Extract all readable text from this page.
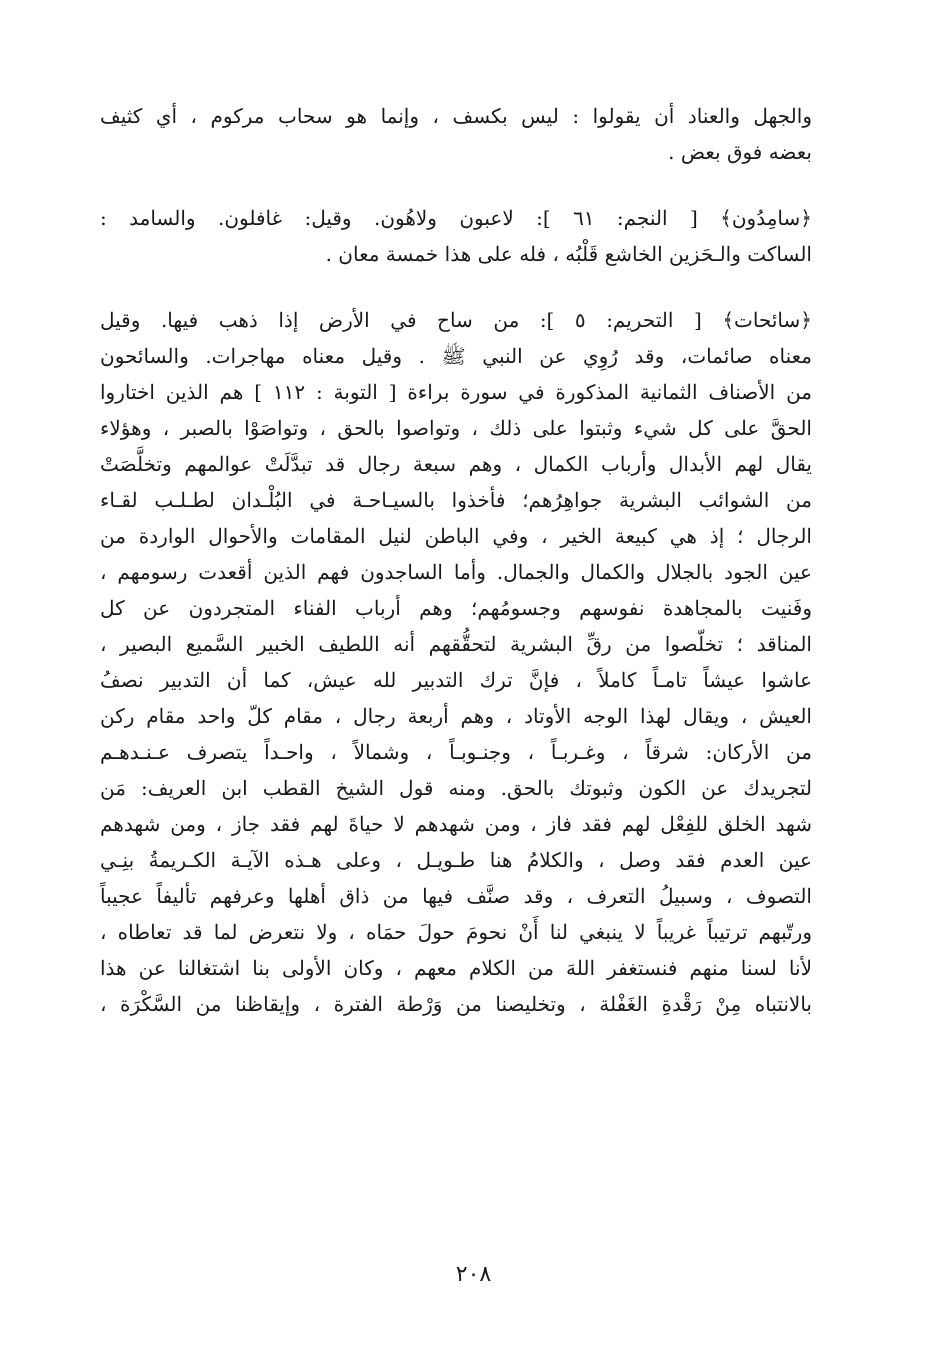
والجهل والعناد أن يقولوا : ليس بكسف ، وإنما هو سحاب مركوم ، أي كثيف

بعضه فوق بعض .

﴿سامِدُون﴾ [ النجم: ٦١ ]: لاعبون ولاهُون. وقيل: غافلون. والسامد :

الساكت والـحَزين الخاشع قَلْبُه ، فله على هذا خمسة معان .

﴿سائحات﴾ [ التحريم: ٥ ]: من ساح في الأرض إذا ذهب فيها. وقيل

معناه صائمات، وقد رُوِي عن النبي ﷺ . وقيل معناه مهاجرات. والسائحون

من الأصناف الثمانية المذكورة في سورة براءة [ التوبة : ١١٢ ] هم الذين اختاروا

الحقَّ على كل شيء وثبتوا على ذلك ، وتواصوا بالحق ، وتواصَوْا بالصبر ، وهؤلاء

يقال لهم الأبدال وأرباب الكمال ، وهم سبعة رجال قد تبدَّلَتْ عوالمهم وتخلَّصَتْ

من الشوائب البشرية جواهِرُهم؛ فأخذوا بالسيـاحـة في البُلْـدان لطـلـب لقـاء

الرجال ؛ إذ هي كبيعة الخير ، وفي الباطن لنيل المقامات والأحوال الواردة من

عين الجود بالجلال والكمال والجمال. وأما الساجدون فهم الذين أقعدت رسومهم ،

وفَنيت بالمجاهدة نفوسهم وجسومُهم؛ وهم أرباب الفناء المتجردون عن كل

المناقد ؛ تخلّصوا من رقِّ البشرية لتحقُّقهم أنه اللطيف الخبير السَّميع البصير ،

عاشوا عيشاً تامـاً كاملاً ، فإنَّ ترك التدبير لله عيش، كما أن التدبير نصفُ

العيش ، ويقال لهذا الوجه الأوتاد ، وهم أربعة رجال ، مقام كلّ واحد مقام ركن

من الأركان: شرقاً ، وغـربـاً ، وجنـوبـاً ، وشمالاً ، واحـداً يتصرف عـنـدهـم

لتجريدك عن الكون وثبوتك بالحق. ومنه قول الشيخ القطب ابن العريف: مَن

شهد الخلق للفِعْل لهم فقد فاز ، ومن شهدهم لا حياةَ لهم فقد جاز ، ومن شهدهم

عين العدم فقد وصل ، والكلامُ هنا طـويـل ، وعلى هـذه الآيـة الكـريمةُ بنِـي

التصوف ، وسبيلُ التعرف ، وقد صنَّف فيها من ذاق أهلها وعرفهم تأليفاً عجيباً

ورتّبهم ترتيباً غريباً لا ينبغي لنا أَنْ نحومَ حولَ حمَاه ، ولا نتعرض لما قد تعاطاه ،

لأنا لسنا منهم فنستغفر اللهَ من الكلام معهم ، وكان الأولى بنا اشتغالنا عن هذا

بالانتباه مِنْ رَقْدةِ الغَفْلة ، وتخليصنا من وَرْطة الفترة ، وإيقاظنا من السَّكْرَة ،

٢٠٨
